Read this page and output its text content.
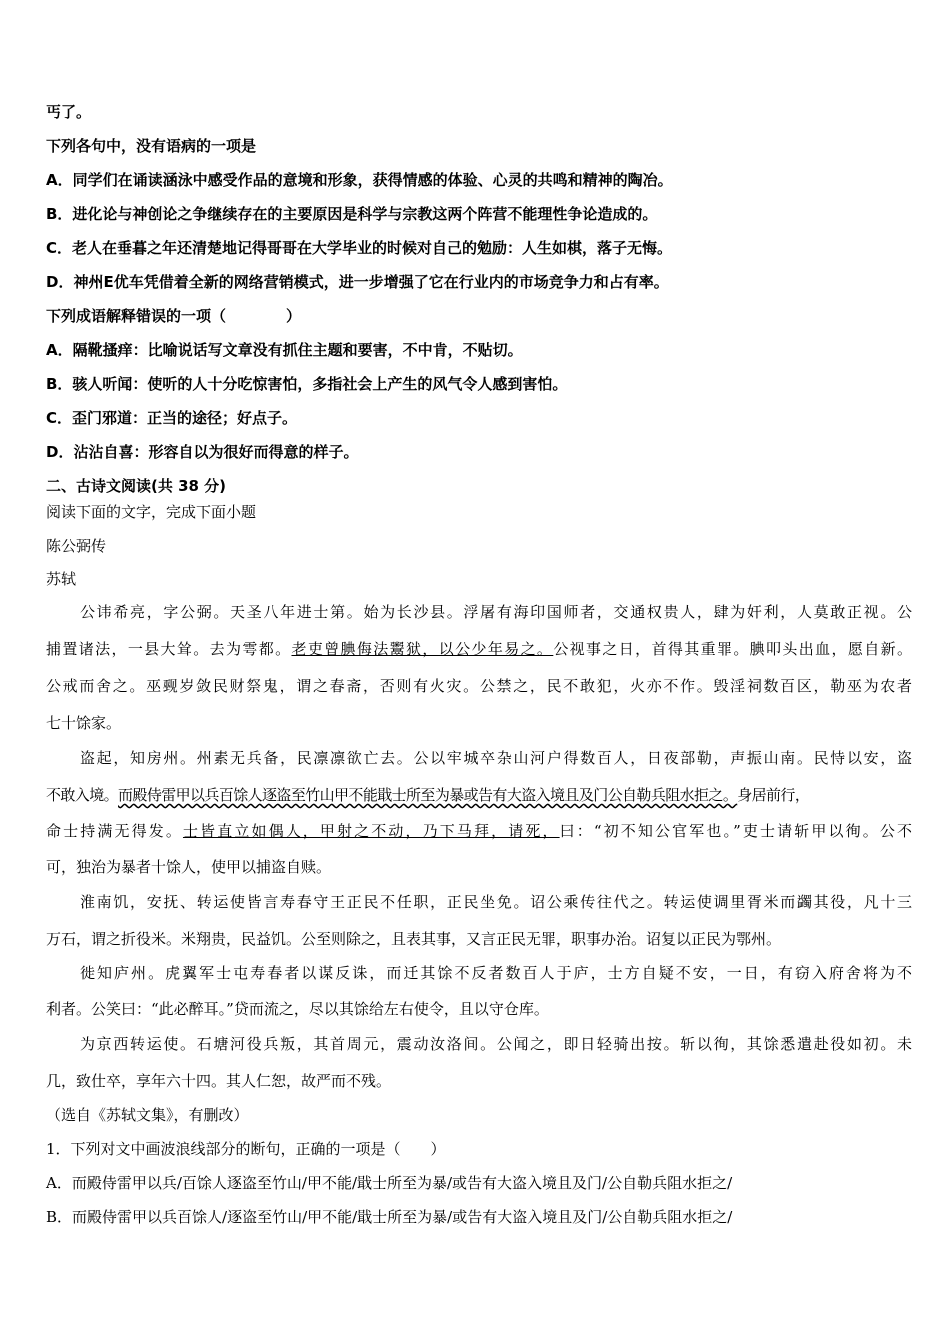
丐了。
下列各句中，没有语病的一项是
A．同学们在诵读涵泳中感受作品的意境和形象，获得情感的体验、心灵的共鸣和精神的陶冶。
B．进化论与神创论之争继续存在的主要原因是科学与宗教这两个阵营不能理性争论造成的。
C．老人在垂暮之年还清楚地记得哥哥在大学毕业的时候对自己的勉励：人生如棋，落子无悔。
D．神州E优车凭借着全新的网络营销模式，进一步增强了它在行业内的市场竞争力和占有率。
下列成语解释错误的一项（　　　　）
A．隔靴搔痒：比喻说话写文章没有抓住主题和要害，不中肯，不贴切。
B．骇人听闻：使听的人十分吃惊害怕，多指社会上产生的风气令人感到害怕。
C．歪门邪道：正当的途径；好点子。
D．沾沾自喜：形容自以为很好而得意的样子。
二、古诗文阅读(共 38 分)
阅读下面的文字，完成下面小题
陈公弼传
苏轼
公讳希亮，字公弼。天圣八年进士第。始为长沙县。浮屠有海印国师者，交通权贵人，肆为奸利，人莫敢正视。公
捕置诸法，一县大耸。去为雩都。老吏曾腆侮法鬻狱，以公少年易之。公视事之日，首得其重罪。腆叩头出血，愿自新。
公戒而舍之。巫觋岁敛民财祭鬼，谓之春斋，否则有火灾。公禁之，民不敢犯，火亦不作。毁淫祠数百区，勒巫为农者
七十馀家。
盗起，知房州。州素无兵备，民凛凛欲亡去。公以牢城卒杂山河户得数百人，日夜部勒，声振山南。民恃以安，盗
不敢入境。而殿侍雷甲以兵百馀人逐盗至竹山甲不能戢士所至为暴或告有大盗入境且及门公自勒兵阻水拒之。身居前行，
命士持满无得发。士皆直立如偶人，甲射之不动，乃下马拜，请死，曰：“初不知公官军也。”吏士请斩甲以徇。公不
可，独治为暴者十馀人，使甲以捕盗自赎。
淮南饥，安抚、转运使皆言寿春守王正民不任职，正民坐免。诏公乘传往代之。转运使调里胥米而蠲其役，凡十三
万石，谓之折役米。米翔贵，民益饥。公至则除之，且表其事，又言正民无罪，职事办治。诏复以正民为鄂州。
徙知庐州。虎翼军士屯寿春者以谋反诛，而迁其馀不反者数百人于庐，士方自疑不安，一日，有窃入府舍将为不
利者。公笑曰：“此必醉耳。”贷而流之，尽以其馀给左右使令，且以守仓库。
为京西转运使。石塘河役兵叛，其首周元，震动汝洛间。公闻之，即日轻骑出按。斩以徇，其馀悉遣赴役如初。未
几，致仕卒，享年六十四。其人仁恕，故严而不残。
（选自《苏轼文集》，有删改）
1．下列对文中画波浪线部分的断句，正确的一项是（　　）
A．而殿侍雷甲以兵/百馀人逐盗至竹山/甲不能/戢士所至为暴/或告有大盗入境且及门/公自勒兵阻水拒之/
B．而殿侍雷甲以兵百馀人/逐盗至竹山/甲不能/戢士所至为暴/或告有大盗入境且及门/公自勒兵阻水拒之/
